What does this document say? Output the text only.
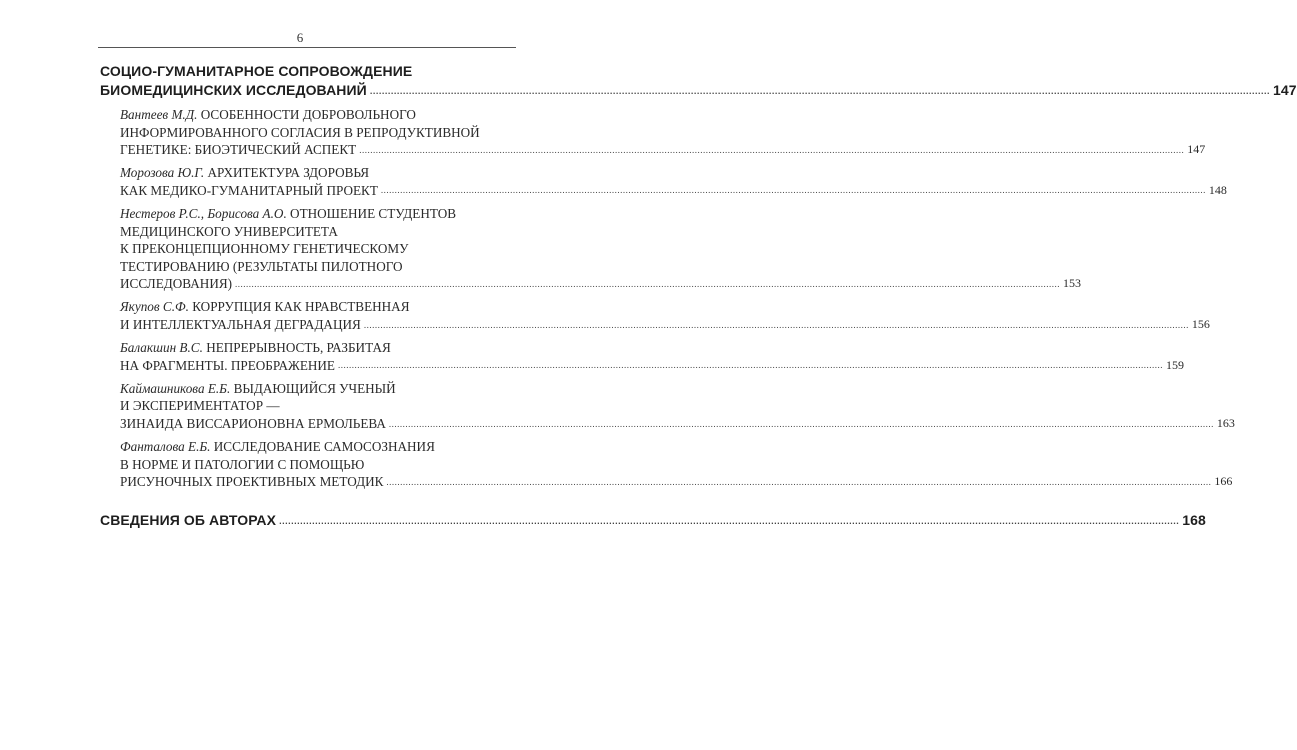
6
СОЦИО-ГУМАНИТАРНОЕ СОПРОВОЖДЕНИЕ
БИОМЕДИЦИНСКИХ ИССЛЕДОВАНИЙ ............................................................................................................................................................................................................................................................................................................ 147
Вантеев М.Д. ОСОБЕННОСТИ ДОБРОВОЛЬНОГО
ИНФОРМИРОВАННОГО СОГЛАСИЯ В РЕПРОДУКТИВНОЙ
ГЕНЕТИКЕ: БИОЭТИЧЕСКИЙ АСПЕКТ ............................................................................................................................................................................................................................................................................................................ 147
Морозова Ю.Г. АРХИТЕКТУРА ЗДОРОВЬЯ
КАК МЕДИКО-ГУМАНИТАРНЫЙ ПРОЕКТ ............................................................................................................................................................................................................................................................................................................ 148
Нестеров Р.С., Борисова А.О. ОТНОШЕНИЕ СТУДЕНТОВ
МЕДИЦИНСКОГО УНИВЕРСИТЕТА
К ПРЕКОНЦЕПЦИОННОМУ ГЕНЕТИЧЕСКОМУ
ТЕСТИРОВАНИЮ (РЕЗУЛЬТАТЫ ПИЛОТНОГО
ИССЛЕДОВАНИЯ) ............................................................................................................................................................................................................................................................................................................ 153
Якупов С.Ф. КОРРУПЦИЯ КАК НРАВСТВЕННАЯ
И ИНТЕЛЛЕКТУАЛЬНАЯ ДЕГРАДАЦИЯ ............................................................................................................................................................................................................................................................................................................ 156
Балакшин В.С. НЕПРЕРЫВНОСТЬ, РАЗБИТАЯ
НА ФРАГМЕНТЫ. ПРЕОБРАЖЕНИЕ ............................................................................................................................................................................................................................................................................................................ 159
Каймашникова Е.Б. ВЫДАЮЩИЙСЯ УЧЕНЫЙ
И ЭКСПЕРИМЕНТАТОР —
ЗИНАИДА ВИССАРИОНОВНА ЕРМОЛЬЕВА ............................................................................................................................................................................................................................................................................................................ 163
Фанталова Е.Б. ИССЛЕДОВАНИЕ САМОСОЗНАНИЯ
В НОРМЕ И ПАТОЛОГИИ С ПОМОЩЬЮ
РИСУНОЧНЫХ ПРОЕКТИВНЫХ МЕТОДИК ............................................................................................................................................................................................................................................................................................................ 166
СВЕДЕНИЯ ОБ АВТОРАХ ............................................................................................................................................................................................................................................................................................................ 168
